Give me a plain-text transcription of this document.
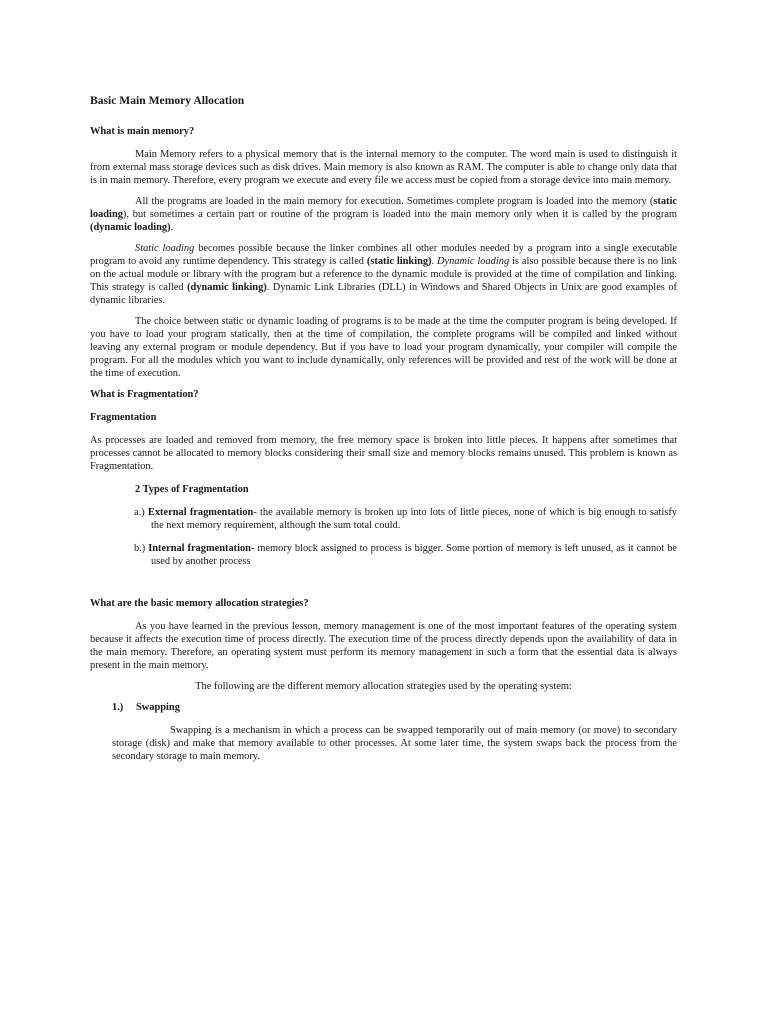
Basic Main Memory Allocation

What is main memory?

Main Memory refers to a physical memory that is the internal memory to the computer. The word main is used to distinguish it from external mass storage devices such as disk drives. Main memory is also known as RAM. The computer is able to change only data that is in main memory. Therefore, every program we execute and every file we access must be copied from a storage device into main memory.

All the programs are loaded in the main memory for execution. Sometimes complete program is loaded into the memory (static loading), but sometimes a certain part or routine of the program is loaded into the main memory only when it is called by the program (dynamic loading).

Static loading becomes possible because the linker combines all other modules needed by a program into a single executable program to avoid any runtime dependency. This strategy is called (static linking). Dynamic loading is also possible because there is no link on the actual module or library with the program but a reference to the dynamic module is provided at the time of compilation and linking. This strategy is called (dynamic linking). Dynamic Link Libraries (DLL) in Windows and Shared Objects in Unix are good examples of dynamic libraries.

The choice between static or dynamic loading of programs is to be made at the time the computer program is being developed. If you have to load your program statically, then at the time of compilation, the complete programs will be compiled and linked without leaving any external program or module dependency. But if you have to load your program dynamically, your compiler will compile the program. For all the modules which you want to include dynamically, only references will be provided and rest of the work will be done at the time of execution.

What is Fragmentation?

Fragmentation

As processes are loaded and removed from memory, the free memory space is broken into little pieces. It happens after sometimes that processes cannot be allocated to memory blocks considering their small size and memory blocks remains unused. This problem is known as Fragmentation.

2 Types of Fragmentation

a.) External fragmentation- the available memory is broken up into lots of little pieces, none of which is big enough to satisfy the next memory requirement, although the sum total could.

b.) Internal fragmentation- memory block assigned to process is bigger. Some portion of memory is left unused, as it cannot be used by another process

What are the basic memory allocation strategies?

As you have learned in the previous lesson, memory management is one of the most important features of the operating system because it affects the execution time of process directly. The execution time of the process directly depends upon the availability of data in the main memory. Therefore, an operating system must perform its memory management in such a form that the essential data is always present in the main memory.

The following are the different memory allocation strategies used by the operating system:

1.) Swapping

Swapping is a mechanism in which a process can be swapped temporarily out of main memory (or move) to secondary storage (disk) and make that memory available to other processes. At some later time, the system swaps back the process from the secondary storage to main memory.
